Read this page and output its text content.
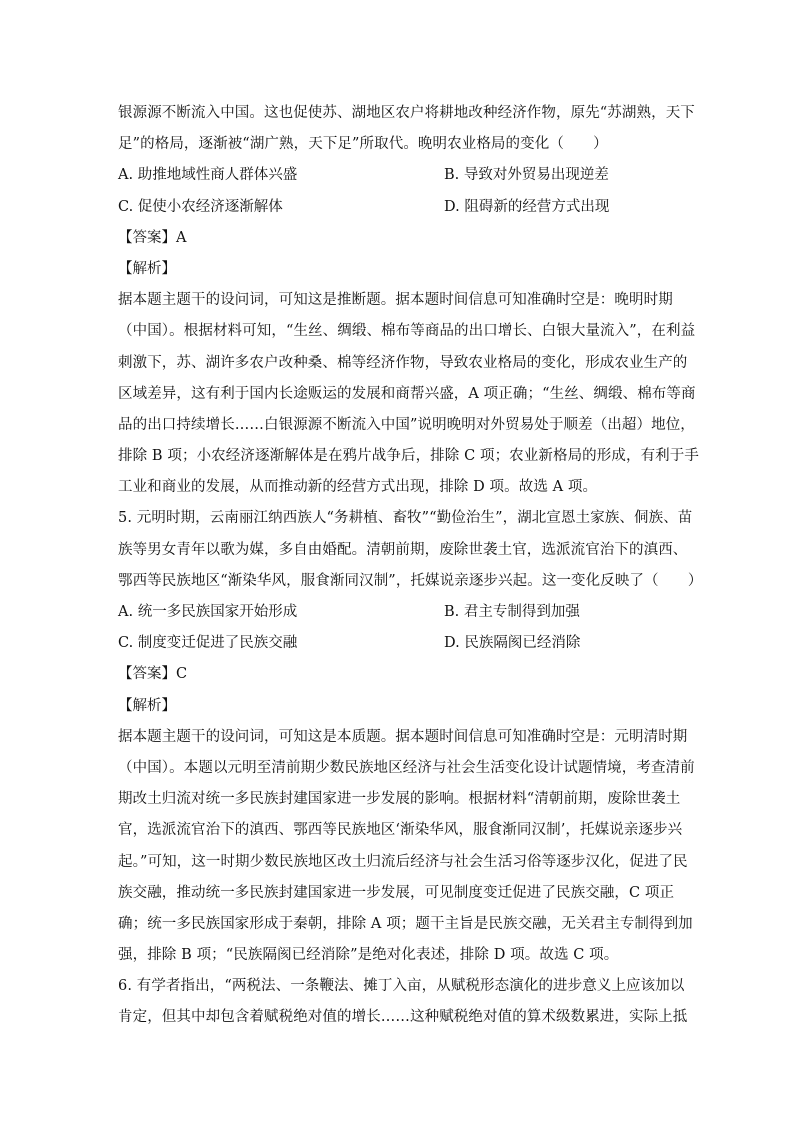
银源源不断流入中国。这也促使苏、湖地区农户将耕地改种经济作物，原先“苏湖熟，天下
足”的格局，逐渐被“湖广熟，天下足”所取代。晚明农业格局的变化（　　）
A. 助推地域性商人群体兴盛	B. 导致对外贸易出现逆差
C. 促使小农经济逐渐解体	D. 阻碍新的经营方式出现
【答案】A
【解析】
据本题主题干的设问词，可知这是推断题。据本题时间信息可知准确时空是：晚明时期
（中国）。根据材料可知，“生丝、绸缎、棉布等商品的出口增长、白银大量流入”，在利益
刺激下，苏、湖许多农户改种桑、棉等经济作物，导致农业格局的变化，形成农业生产的
区域差异，这有利于国内长途贩运的发展和商帮兴盛，A 项正确；“生丝、绸缎、棉布等商
品的出口持续增长……白银源源不断流入中国”说明晚明对外贸易处于顺差（出超）地位，
排除 B 项；小农经济逐渐解体是在鸦片战争后，排除 C 项；农业新格局的形成，有利于手
工业和商业的发展，从而推动新的经营方式出现，排除 D 项。故选 A 项。
5. 元明时期，云南丽江纳西族人“务耕植、畜牧”“勤俭治生”，湖北宣恩土家族、侗族、苗
族等男女青年以歌为媒，多自由婚配。清朝前期，废除世袭土官，选派流官治下的滇西、
鄂西等民族地区“渐染华风，服食渐同汉制”，托媒说亲逐步兴起。这一变化反映了（　　）
A. 统一多民族国家开始形成	B. 君主专制得到加强
C. 制度变迁促进了民族交融	D. 民族隔阂已经消除
【答案】C
【解析】
据本题主题干的设问词，可知这是本质题。据本题时间信息可知准确时空是：元明清时期
（中国）。本题以元明至清前期少数民族地区经济与社会生活变化设计试题情境，考查清前
期改土归流对统一多民族封建国家进一步发展的影响。根据材料“清朝前期，废除世袭土
官，选派流官治下的滇西、鄂西等民族地区‘渐染华风，服食渐同汉制’，托媒说亲逐步兴
起。”可知，这一时期少数民族地区改土归流后经济与社会生活习俗等逐步汉化，促进了民
族交融，推动统一多民族封建国家进一步发展，可见制度变迁促进了民族交融，C 项正
确；统一多民族国家形成于秦朝，排除 A 项；题干主旨是民族交融，无关君主专制得到加
强，排除 B 项；“民族隔阂已经消除”是绝对化表述，排除 D 项。故选 C 项。
6. 有学者指出，“两税法、一条鞭法、摊丁入亩，从赋税形态演化的进步意义上应该加以
肯定，但其中却包含着赋税绝对值的增长……这种赋税绝对值的算术级数累进，实际上抵
